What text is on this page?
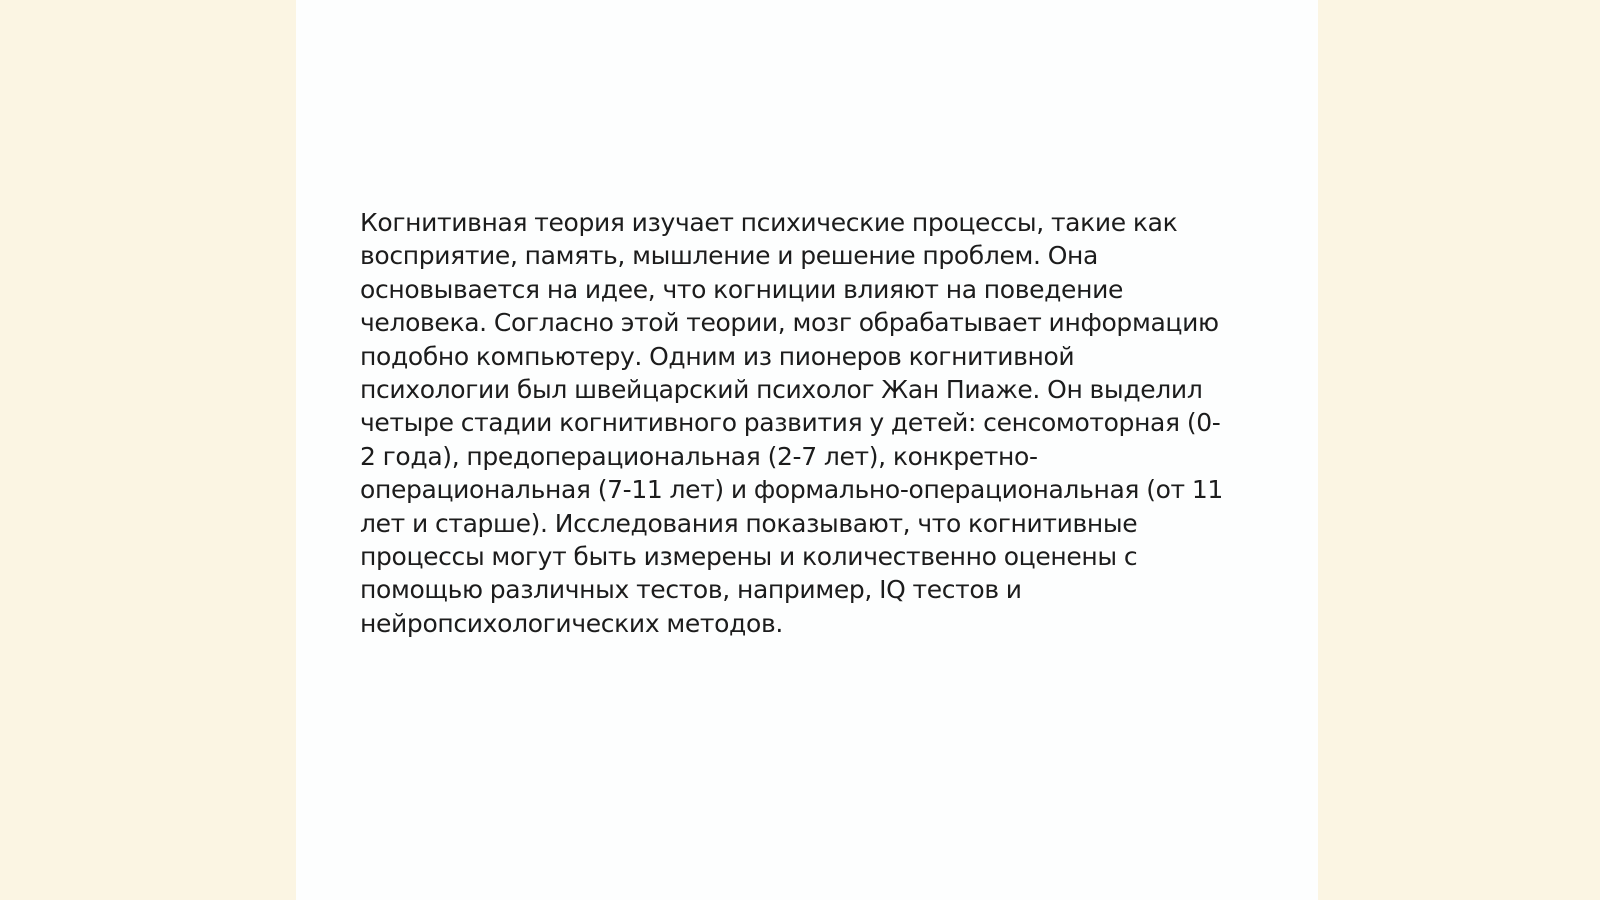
Когнитивная теория изучает психические процессы, такие как восприятие, память, мышление и решение проблем. Она основывается на идее, что когниции влияют на поведение человека. Согласно этой теории, мозг обрабатывает информацию подобно компьютеру. Одним из пионеров когнитивной психологии был швейцарский психолог Жан Пиаже. Он выделил четыре стадии когнитивного развития у детей: сенсомоторная (0-2 года), предоперациональная (2-7 лет), конкретно-операциональная (7-11 лет) и формально-операциональная (от 11 лет и старше). Исследования показывают, что когнитивные процессы могут быть измерены и количественно оценены с помощью различных тестов, например, IQ тестов и нейропсихологических методов.
